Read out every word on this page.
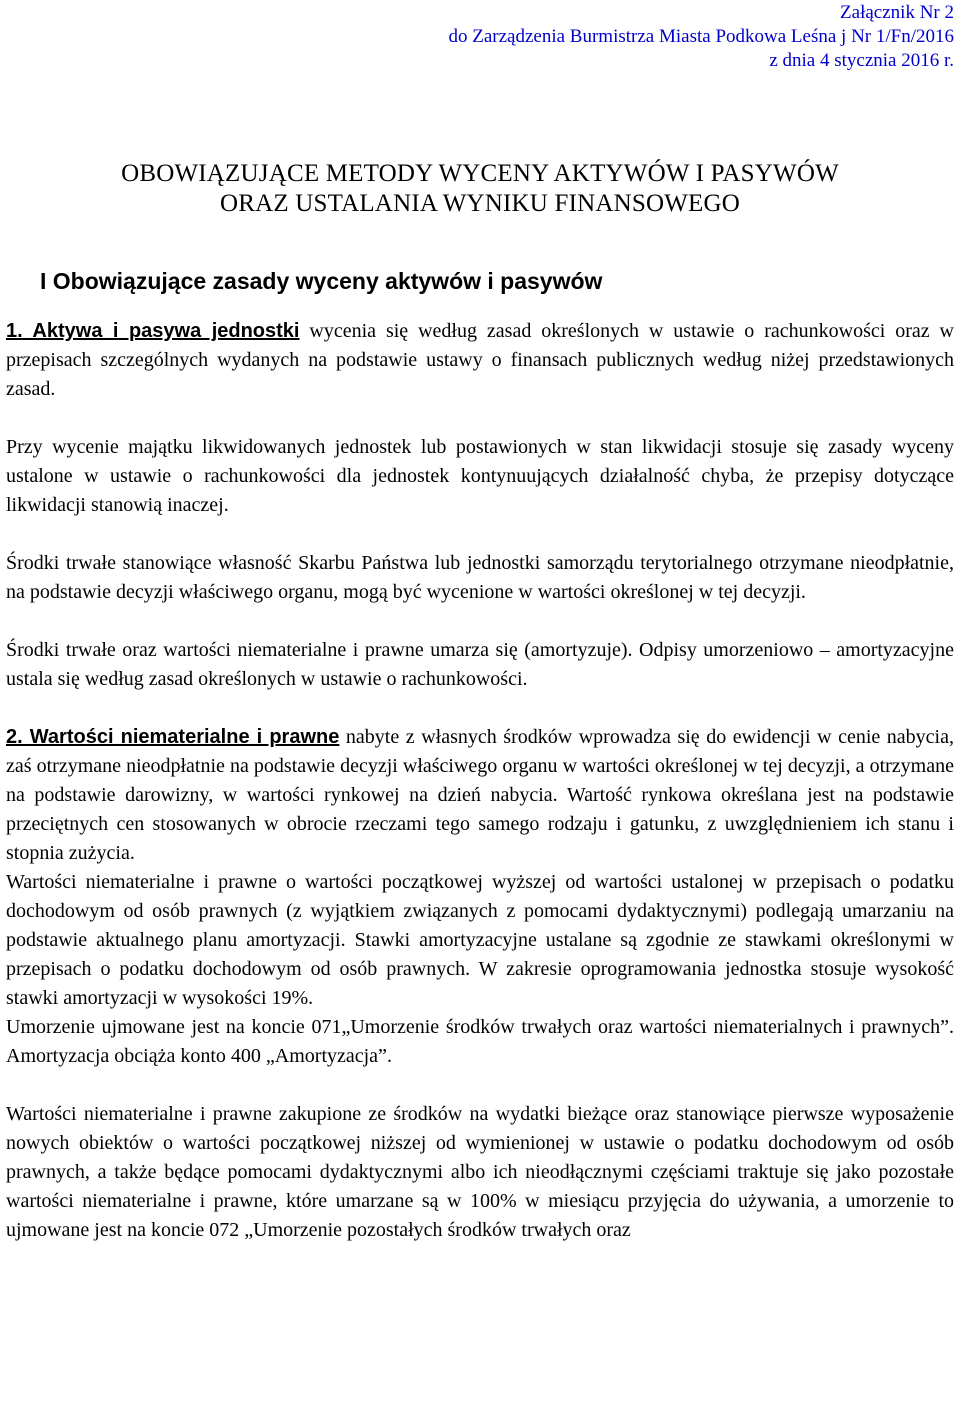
Załącznik Nr 2
do Zarządzenia Burmistrza Miasta Podkowa Leśna j Nr 1/Fn/2016
z dnia 4 stycznia 2016 r.
OBOWIĄZUJĄCE METODY WYCENY AKTYWÓW I PASYWÓW
ORAZ USTALANIA WYNIKU FINANSOWEGO
I Obowiązujące zasady wyceny aktywów i pasywów

1. Aktywa i pasywa jednostki wycenia się według zasad określonych w ustawie o rachunkowości oraz w przepisach szczególnych wydanych na podstawie ustawy o finansach publicznych według niżej przedstawionych zasad.

Przy wycenie majątku likwidowanych jednostek lub postawionych w stan likwidacji stosuje się zasady wyceny ustalone w ustawie o rachunkowości dla jednostek kontynuujących działalność chyba, że przepisy dotyczące likwidacji stanowią inaczej.

Środki trwałe stanowiące własność Skarbu Państwa lub jednostki samorządu terytorialnego otrzymane nieodpłatnie, na podstawie decyzji właściwego organu, mogą być wycenione w wartości określonej w tej decyzji.

Środki trwałe oraz wartości niematerialne i prawne umarza się (amortyzuje). Odpisy umorzeniowo – amortyzacyjne ustala się według zasad określonych w ustawie o rachunkowości.

2. Wartości niematerialne i prawne nabyte z własnych środków wprowadza się do ewidencji w cenie nabycia, zaś otrzymane nieodpłatnie na podstawie decyzji właściwego organu w wartości określonej w tej decyzji, a otrzymane na podstawie darowizny, w wartości rynkowej na dzień nabycia. Wartość rynkowa określana jest na podstawie przeciętnych cen stosowanych w obrocie rzeczami tego samego rodzaju i gatunku, z uwzględnieniem ich stanu i stopnia zużycia.

Wartości niematerialne i prawne o wartości początkowej wyższej od wartości ustalonej w przepisach o podatku dochodowym od osób prawnych (z wyjątkiem związanych z pomocami dydaktycznymi) podlegają umarzaniu na podstawie aktualnego planu amortyzacji. Stawki amortyzacyjne ustalane są zgodnie ze stawkami określonymi w przepisach o podatku dochodowym od osób prawnych. W zakresie oprogramowania jednostka stosuje wysokość stawki amortyzacji w wysokości 19%.

Umorzenie ujmowane jest na koncie 071„Umorzenie środków trwałych oraz wartości niematerialnych i prawnych”. Amortyzacja obciąża konto 400 „Amortyzacja”.

Wartości niematerialne i prawne zakupione ze środków na wydatki bieżące oraz stanowiące pierwsze wyposażenie nowych obiektów o wartości początkowej niższej od wymienionej w ustawie o podatku dochodowym od osób prawnych, a także będące pomocami dydaktycznymi albo ich nieodłącznymi częściami traktuje się jako pozostałe wartości niematerialne i prawne, które umarzane są w 100% w miesiącu przyjęcia do używania, a umorzenie to ujmowane jest na koncie 072 „Umorzenie pozostałych środków trwałych oraz
